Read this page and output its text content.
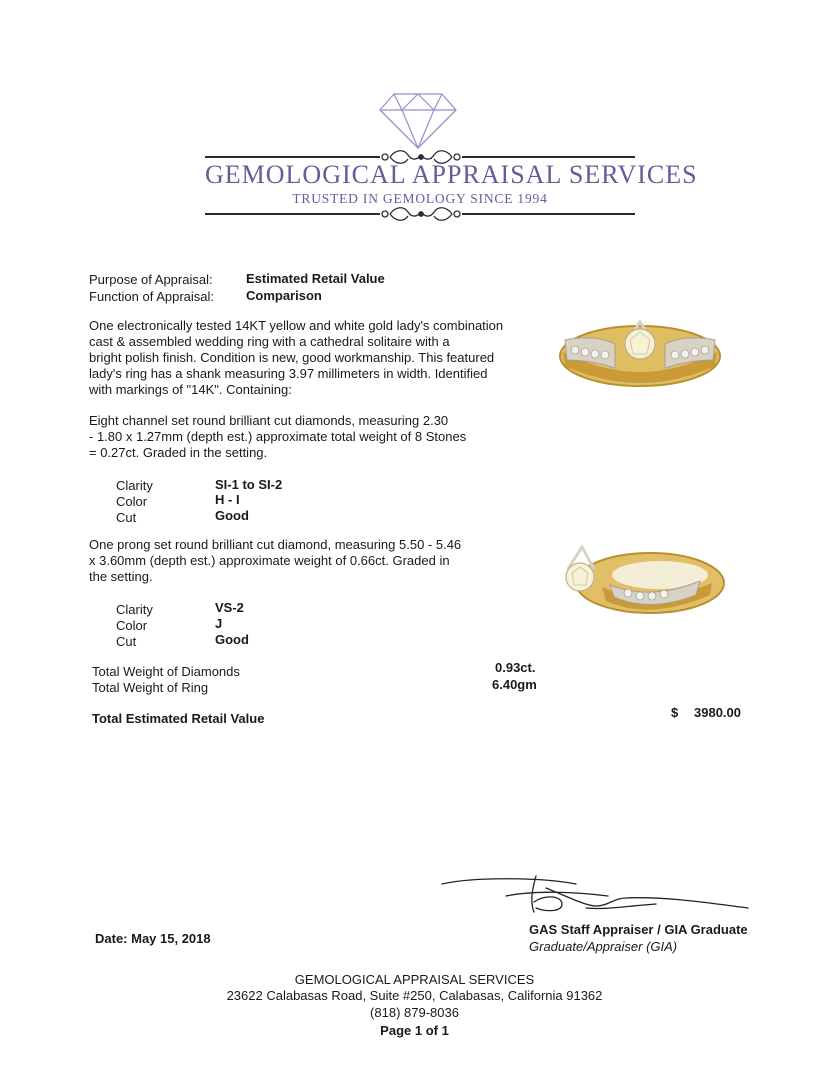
GEMOLOGICAL APPRAISAL SERVICES
TRUSTED IN GEMOLOGY SINCE 1994
Purpose of Appraisal:	Estimated Retail Value
Function of Appraisal: Comparison
One electronically tested 14KT yellow and white gold lady's combination
cast & assembled wedding ring with a cathedral solitaire with a
bright polish finish. Condition is new, good workmanship. This featured
lady's ring has a shank measuring 3.97 millimeters in width. Identified
with markings of "14K". Containing:
Eight channel set round brilliant cut diamonds, measuring 2.30
- 1.80 x 1.27mm (depth est.) approximate total weight of 8 Stones
= 0.27ct. Graded in the setting.
Clarity	SI-1 to SI-2
Color	H - I
Cut	Good
One prong set round brilliant cut diamond, measuring 5.50 - 5.46
x 3.60mm (depth est.) approximate weight of 0.66ct. Graded in
the setting.
Clarity	VS-2
Color	J
Cut	Good
Total Weight of Diamonds	0.93ct.
Total Weight of Ring	6.40gm
Total Estimated Retail Value	$ 3980.00
Date: May 15, 2018
GAS Staff Appraiser / GIA Graduate
Graduate/Appraiser (GIA)
GEMOLOGICAL APPRAISAL SERVICES
23622 Calabasas Road, Suite #250, Calabasas, California 91362
(818) 879-8036
Page 1 of 1
